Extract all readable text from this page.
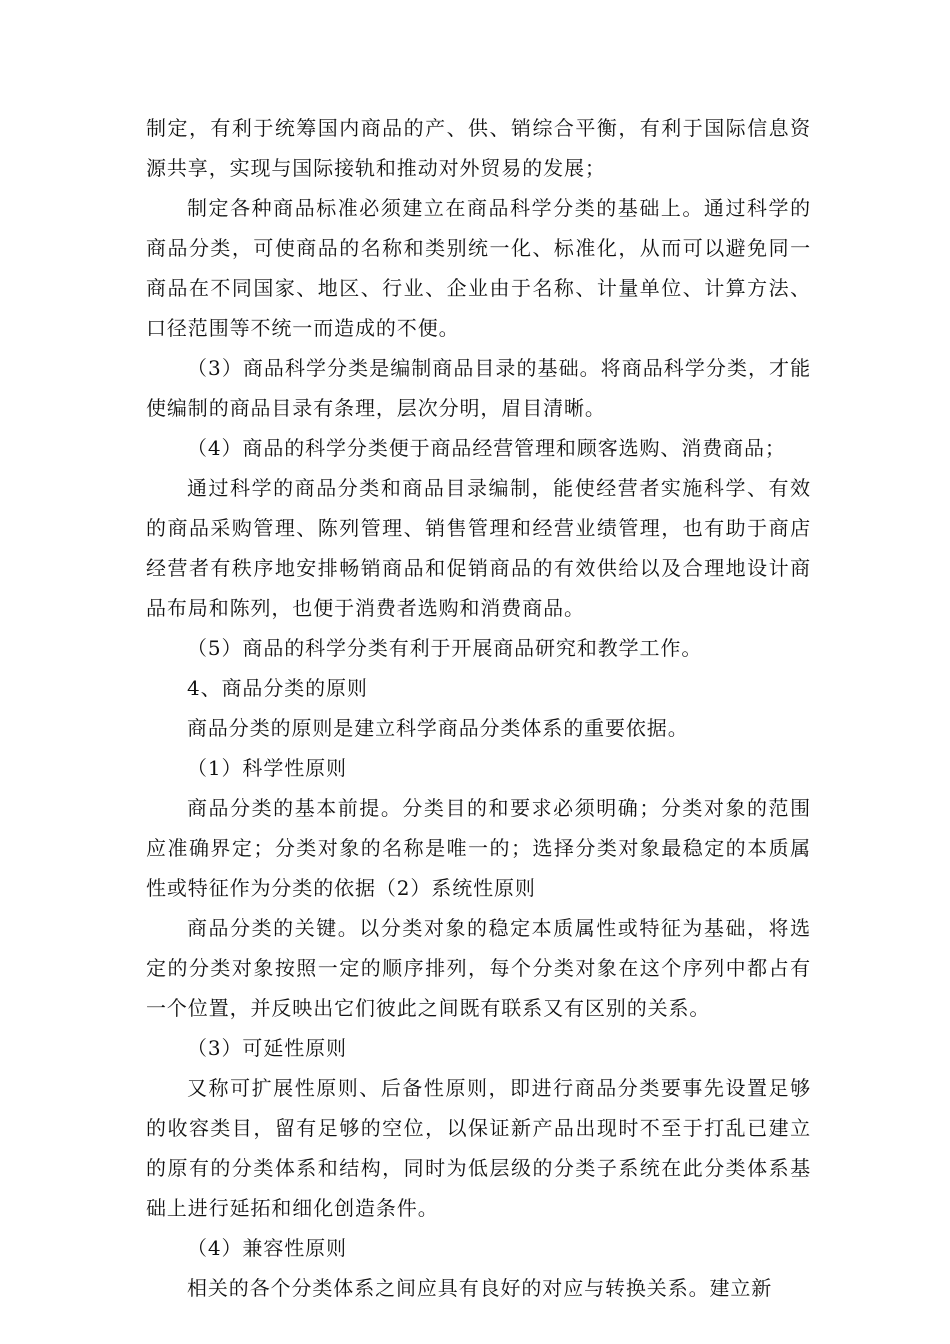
制定，有利于统筹国内商品的产、供、销综合平衡，有利于国际信息资源共享，实现与国际接轨和推动对外贸易的发展；

制定各种商品标准必须建立在商品科学分类的基础上。通过科学的商品分类，可使商品的名称和类别统一化、标准化，从而可以避免同一商品在不同国家、地区、行业、企业由于名称、计量单位、计算方法、口径范围等不统一而造成的不便。

（3）商品科学分类是编制商品目录的基础。将商品科学分类，才能使编制的商品目录有条理，层次分明，眉目清晰。

（4）商品的科学分类便于商品经营管理和顾客选购、消费商品；

通过科学的商品分类和商品目录编制，能使经营者实施科学、有效的商品采购管理、陈列管理、销售管理和经营业绩管理，也有助于商店经营者有秩序地安排畅销商品和促销商品的有效供给以及合理地设计商品布局和陈列，也便于消费者选购和消费商品。

（5）商品的科学分类有利于开展商品研究和教学工作。

4、商品分类的原则

商品分类的原则是建立科学商品分类体系的重要依据。

（1）科学性原则

商品分类的基本前提。分类目的和要求必须明确；分类对象的范围应准确界定；分类对象的名称是唯一的；选择分类对象最稳定的本质属性或特征作为分类的依据（2）系统性原则

商品分类的关键。以分类对象的稳定本质属性或特征为基础，将选定的分类对象按照一定的顺序排列，每个分类对象在这个序列中都占有一个位置，并反映出它们彼此之间既有联系又有区别的关系。

（3）可延性原则

又称可扩展性原则、后备性原则，即进行商品分类要事先设置足够的收容类目，留有足够的空位，以保证新产品出现时不至于打乱已建立的原有的分类体系和结构，同时为低层级的分类子系统在此分类体系基础上进行延拓和细化创造条件。

（4）兼容性原则

相关的各个分类体系之间应具有良好的对应与转换关系。建立新
